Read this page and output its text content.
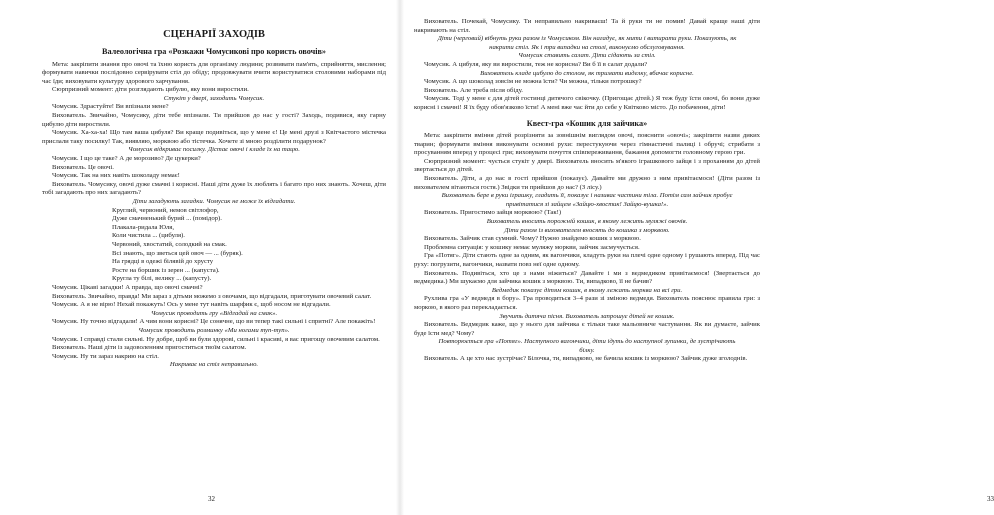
СЦЕНАРІЇ ЗАХОДІВ
Валеологічна гра «Розкажи Чомусикові про користь овочів»

Мета: закріпити знання про овочі та їхню користь для організму людини; розвивати пам'ять, сприйняття, мислення; формувати навички послідовно сервірувати стіл до обіду; продовжувати вчити користуватися столовими наборами під час їди; виховувати культуру здорового харчування.

Сюрпризний момент: діти розглядають цибулю, яку вони виростили.

Стукіт у двері, заходить Чомусик.

Чомусик. Здрастуйте! Ви впізнали мене?

Вихователь. Звичайно, Чомусику, діти тебе впізнали. Ти прийшов до нас у гості? Заходь, подивися, яку гарну цибулю діти виростили.

Чомусик. Ха-ха-ха! Що там ваша цибуля? Ви краще подивіться, що у мене є! Це мені друзі з Квітчастого містечка прислали таку посилку! Так, виявляю, морквою або тістечка. Хочете зі мною розділити подарунок?

Чомусик відкриває посилку. Дістає овочі і кладе їх на тацю.

Чомусик. І що це таке? А де морозиво? Де цукерки?

Вихователь. Це овочі.

Чомусик. Так на них навіть шоколаду немає!

Вихователь. Чомусику, овочі дуже смачні і корисні. Наші діти дуже їх люблять і багато про них знають. Хочеш, діти тобі загадають про них загадають?

Діти загадують загадки. Чомусик не може їх відгадати.

Круглий, червоний, немов світлофор,

Дуже смачненький бурий ... (помідор).

Плакала-ридала Юля,

Коли чистила ... (цибуля).

Червоний, хвостатий, солодкий на смак.

Всі знають, що зветься цей овоч — ... (буряк).

На грядці в одежі білявій до хрусту

Росте на боршик із зерен ... (капуста).

Кругла ту білі, велику ... (капусту).

Чомусик. Цікаві загадки! А правда, що овочі смачні?

Вихователь. Звичайно, правда! Ми зараз з дітьми можемо з овочами, що відгадали, приготувати овочевий салат.

Чомусик. А я не вірю! Нехай покажуть! Ось у мене тут навіть шарфик є, щоб носом не відгадали.

Чомусик проводить гру «Відгадай на смак».

Чомусик. Ну точно відгадали! А чим вони корисні? Це сонячне, що ви тепер такі сильні і спритні? Але покажіть!

Чомусик проводить розминку «Ми ногами туп-туп».

Чомусик. І справді стали сильні. Ну добре, щоб ви були здорові, сильні і красиві, я вас пригощу овочевим салатом.

Вихователь. Наші діти із задоволенням пригоститься твоїм салатом.

Чомусик. Ну ти зараз накрию на стіл.

Накриває на стіл неправильно.

32

Вихователь. Почекай, Чомусику. Ти неправильно накриваєш! Та й руки ти не помив! Давай краще наші діти накривають на стіл.

Діти (черговий) вібнуть руки разом із Чомусиком. Він нагадує, як мити і витирати руки. Показують, як накрити стіл. Як і три випадки на столі, виконуємо обслуговування.

Чомусик ставить салат. Діти сідають за стіл.

Чомусик. А цибуля, яку ви виростили, теж не корисна? Ви б її в салат додали?

Вихователь кладе цибулю до столом, як тримати виделку, вбачає корисне.

Чомусик. А що шоколад зовсім не можна їсти? Чи можна, тільки потрошку?

Вихователь. Але треба після обіду.

Чомусик. Тоді у мене є для дітей гостинці дитячого свікочку. (Пригощає дітей.) Я теж буду їсти овочі, бо вони дуже корисні і смачні! Я їх буду обов'язково їсти! А мені вже час йти до себе у Квітково місто. До побачення, діти!

Квест-гра «Кошик для зайчика»

Мета: закріпити вміння дітей розрізняти за зовнішнім виглядом овочі, пояснити «овочі»; закріпити назви диких тварин; формувати вміння виконувати основні рухи: перестукуючи через гімнастичні палиці і обручі; стрибати з просуванням вперед у процесі гри; виховувати почуття співпереживання, бажання допомогти головному герою гри.

Сюрпризний момент: чується стукіт у двері. Вихователь вносить м'якого іграшкового зайця і з проханням до дітей звертається до дітей.

Вихователь. Діти, а до нас в гості прийшов (показує). Давайте ми дружно з ним привітаємося! (Діти разом із вихователем вітаються гостя.) Звідки ти прийшов до нас? (З лісу.)

Вихователь бере в руки іграшку, гладить її, показує і називає частини тіла. Потім сам зайчик пробує привітатися зі зайцем «Зайцю-хвостик! Зайцю-вушка!».

Вихователь. Пригостимо зайця морквою? (Так!)

Вихователь вносить порожній кошик, в якому лежить муляжі овочів.

Діти разом із вихователем вносять до кошика з морквою.

Вихователь. Зайчик став сумний. Чому? Нужно знайдемо кошик з морквою.

Проблемна ситуація: у кошику немає муляжу моркви, зайчик засмучується.

Гра «Потяг». Діти стають одне за одним, як вагончики, кладуть руки на плечі одне одному і рушають вперед. Під час руху: погрузити, вагончики, назвати повз неї одне одному.

Вихователь. Подивіться, хто це з нами ніжиться? Давайте і ми з ведмедиком привітаємося! (Звертається до ведмедика.) Ми шукаємо для зайчика кошик з морквою. Ти, випадково, її не бачив?

Ведмедик показує дітям кошик, в якому лежать морква на всі гри.

Рухлива гра «У ведмедя в бору». Гра проводиться 3–4 рази зі зміною ведмедя. Вихователь пояснює правила гри: з моркою, в якого раз перекладається.

Звучить дитяча пісня. Вихователь запрошує дітей не кошик.

Вихователь. Ведмедик каже, що у нього для зайчика є тільки таке мальовниче частування. Як ви думаєте, зайчик буде їсти мед? Чому?

Повторюється гра «Потяг». Наступного вагончики, діти ідуть до наступної зупинки, де зустрічають білку.

Вихователь. А це хто нас зустрічає? Білочка, ти, випадково, не бачила кошик із морквою? Зайчик дуже зголоднів.

33
